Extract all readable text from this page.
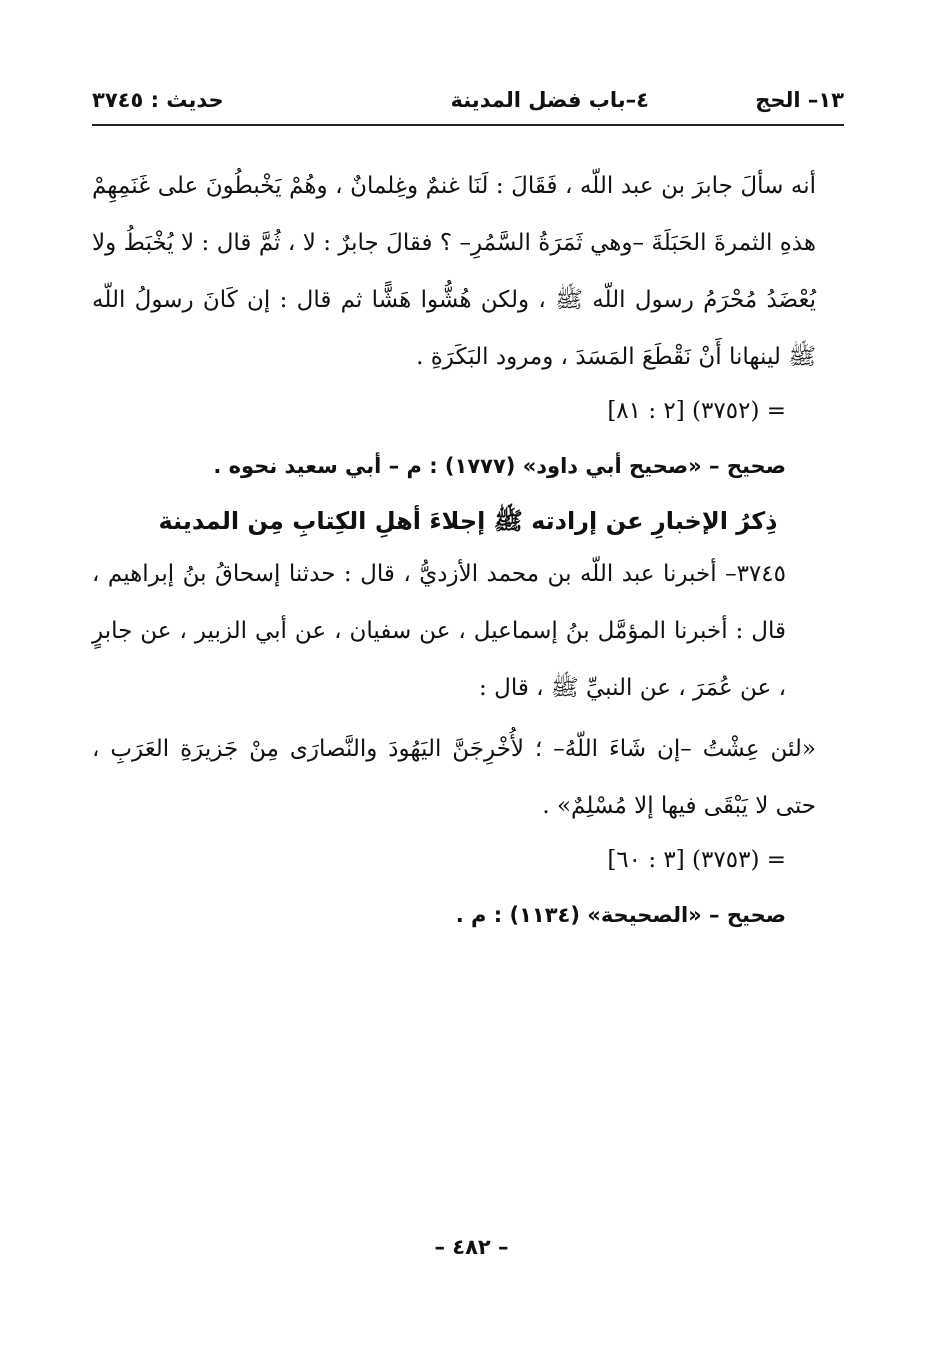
١٣– الحج
٤–باب فضل المدينة
حديث : ٣٧٤٥

أنه سألَ جابرَ بن عبد اللّه ، فَقَالَ : لَنَا غنمٌ وغِلمانٌ ، وهُمْ يَخْبطُونَ على غَنَمِهِمْ هذهِ الثمرةَ الحَبَلَةَ –وهي ثَمَرَةُ السَّمُرِ– ؟ فقالَ جابرٌ : لا ، ثُمَّ قال : لا يُخْبَطُ ولا يُعْضَدُ مُحْرَمُ رسول اللّه ﷺ ، ولكن هُشُّوا هَشًّا ثم قال : إن كَانَ رسولُ اللّه ﷺ لينهانا أَنْ نَقْطَعَ المَسَدَ ، ومرود البَكَرَةِ .

= (٣٧٥٢) [٢ : ٨١]

صحيح – «صحيح أبي داود» (١٧٧٧) : م – أبي سعيد نحوه .

ذِكرُ الإخبارِ عن إرادته ﷺ إجلاءَ أهلِ الكِتابِ مِن المدينة

٣٧٤٥– أخبرنا عبد اللّه بن محمد الأزديُّ ، قال : حدثنا إسحاقُ بنُ إبراهيم ، قال : أخبرنا المؤمَّل بنُ إسماعيل ، عن سفيان ، عن أبي الزبير ، عن جابرٍ ، عن عُمَرَ ، عن النبيِّ ﷺ ، قال :

«لئن عِشْتُ –إن شَاءَ اللّهُ– ؛ لأُخْرِجَنَّ اليَهُودَ والنَّصارَى مِنْ جَزيرَةِ العَرَبِ ، حتى لا يَبْقَى فيها إلا مُسْلِمٌ» .

= (٣٧٥٣) [٣ : ٦٠]

صحيح – «الصحيحة» (١١٣٤) : م .

– ٤٨٢ –
